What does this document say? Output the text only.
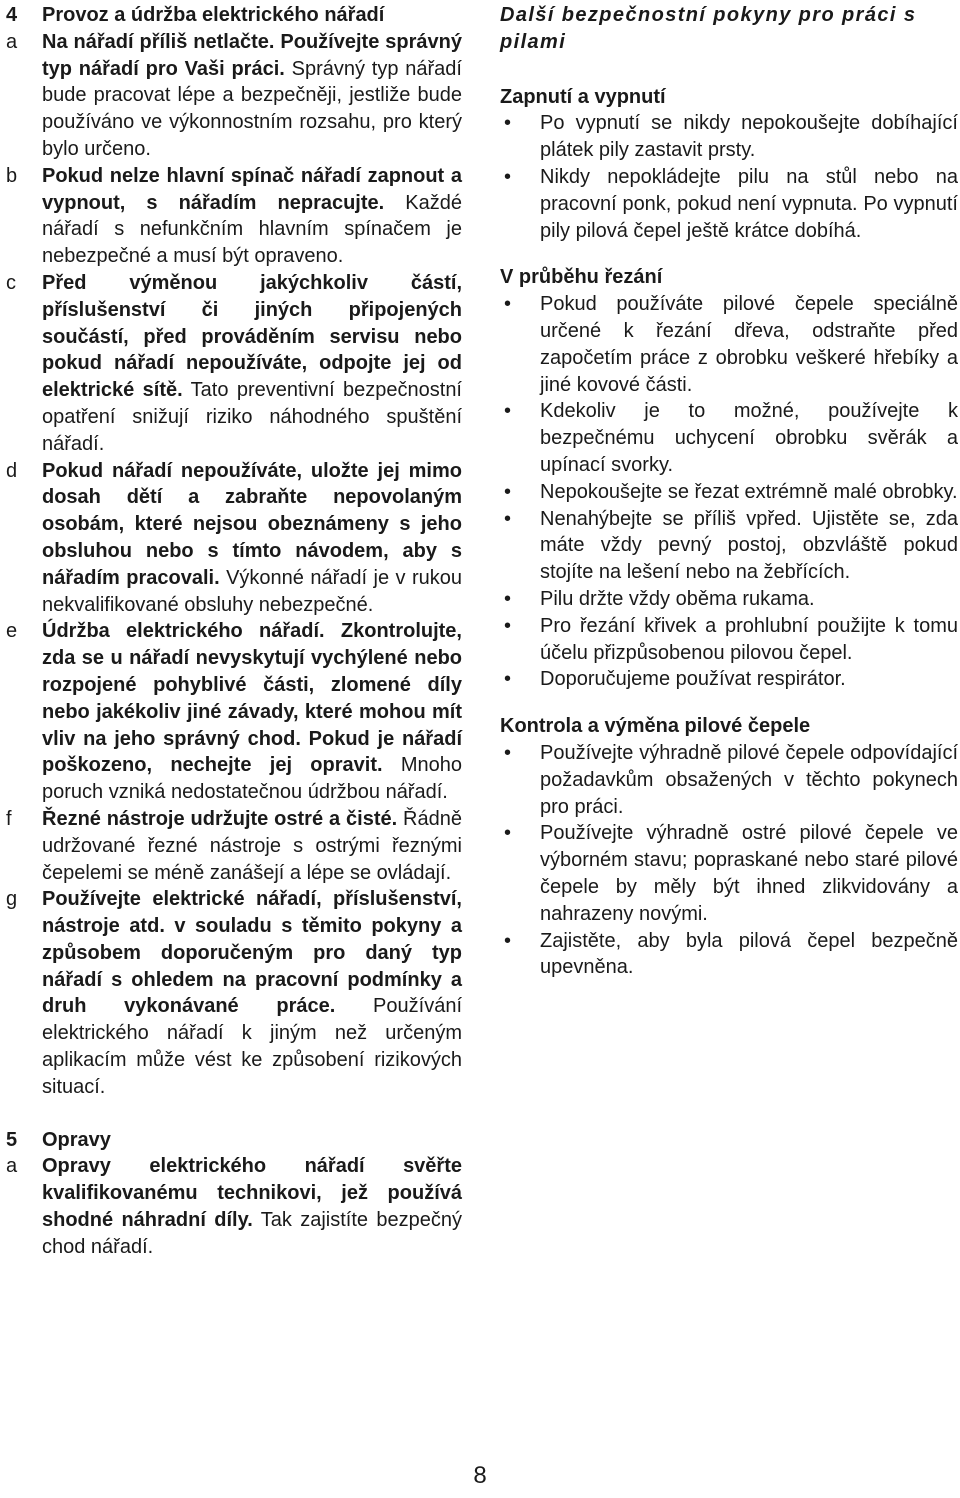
4	Provoz a údržba elektrického nářadí
a	Na nářadí příliš netlačte. Používejte správný typ nářadí pro Vaši práci. Správný typ nářadí bude pracovat lépe a bezpečněji, jestliže bude používáno ve výkonnostním rozsahu, pro který bylo určeno.
b	Pokud nelze hlavní spínač nářadí zapnout a vypnout, s nářadím nepracujte. Každé nářadí s nefunkčním hlavním spínačem je nebezpečné a musí být opraveno.
c	Před výměnou jakýchkoliv částí, příslušenství či jiných připojených součástí, před prováděním servisu nebo pokud nářadí nepoužíváte, odpojte jej od elektrické sítě. Tato preventivní bezpečnostní opatření snižují riziko náhodného spuštění nářadí.
d	Pokud nářadí nepoužíváte, uložte jej mimo dosah dětí a zabraňte nepovolaným osobám, které nejsou obeznámeny s jeho obsluhou nebo s tímto návodem, aby s nářadím pracovali. Výkonné nářadí je v rukou nekvalifikované obsluhy nebezpečné.
e	Údržba elektrického nářadí. Zkontrolujte, zda se u nářadí nevyskytují vychýlené nebo rozpojené pohyblivé části, zlomené díly nebo jakékoliv jiné závady, které mohou mít vliv na jeho správný chod. Pokud je nářadí poškozeno, nechejte jej opravit. Mnoho poruch vzniká nedostatečnou údržbou nářadí.
f	Řezné nástroje udržujte ostré a čisté. Řádně udržované řezné nástroje s ostrými řeznými čepelemi se méně zanášejí a lépe se ovládají.
g	Používejte elektrické nářadí, příslušenství, nástroje atd. v souladu s těmito pokyny a způsobem doporučeným pro daný typ nářadí s ohledem na pracovní podmínky a druh vykonávané práce. Používání elektrického nářadí k jiným než určeným aplikacím může vést ke způsobení rizikových situací.
5	Opravy
a	Opravy elektrického nářadí svěřte kvalifikovanému technikovi, jež používá shodné náhradní díly. Tak zajistíte bezpečný chod nářadí.
Další bezpečnostní pokyny pro práci s pilami
Zapnutí a vypnutí
•	Po vypnutí se nikdy nepokoušejte dobíhající plátek pily zastavit prsty.
•	Nikdy nepokládejte pilu na stůl nebo na pracovní ponk, pokud není vypnuta. Po vypnutí pily pilová čepel ještě krátce dobíhá.
V průběhu řezání
•	Pokud používáte pilové čepele speciálně určené k řezání dřeva, odstraňte před započetím práce z obrobku veškeré hřebíky a jiné kovové části.
•	Kdekoliv je to možné, používejte k bezpečnému uchycení obrobku svěrák a upínací svorky.
•	Nepokoušejte se řezat extrémně malé obrobky.
•	Nenahýbejte se příliš vpřed. Ujistěte se, zda máte vždy pevný postoj, obzvláště pokud stojíte na lešení nebo na žebřících.
•	Pilu držte vždy oběma rukama.
•	Pro řezání křivek a prohlubní použijte k tomu účelu přizpůsobenou pilovou čepel.
•	Doporučujeme používat respirátor.
Kontrola a výměna pilové čepele
•	Používejte výhradně pilové čepele odpovídající požadavkům obsažených v těchto pokynech pro práci.
•	Používejte výhradně ostré pilové čepele ve výborném stavu; popraskané nebo staré pilové čepele by měly být ihned zlikvidovány a nahrazeny novými.
•	Zajistěte, aby byla pilová čepel bezpečně upevněna.
8
